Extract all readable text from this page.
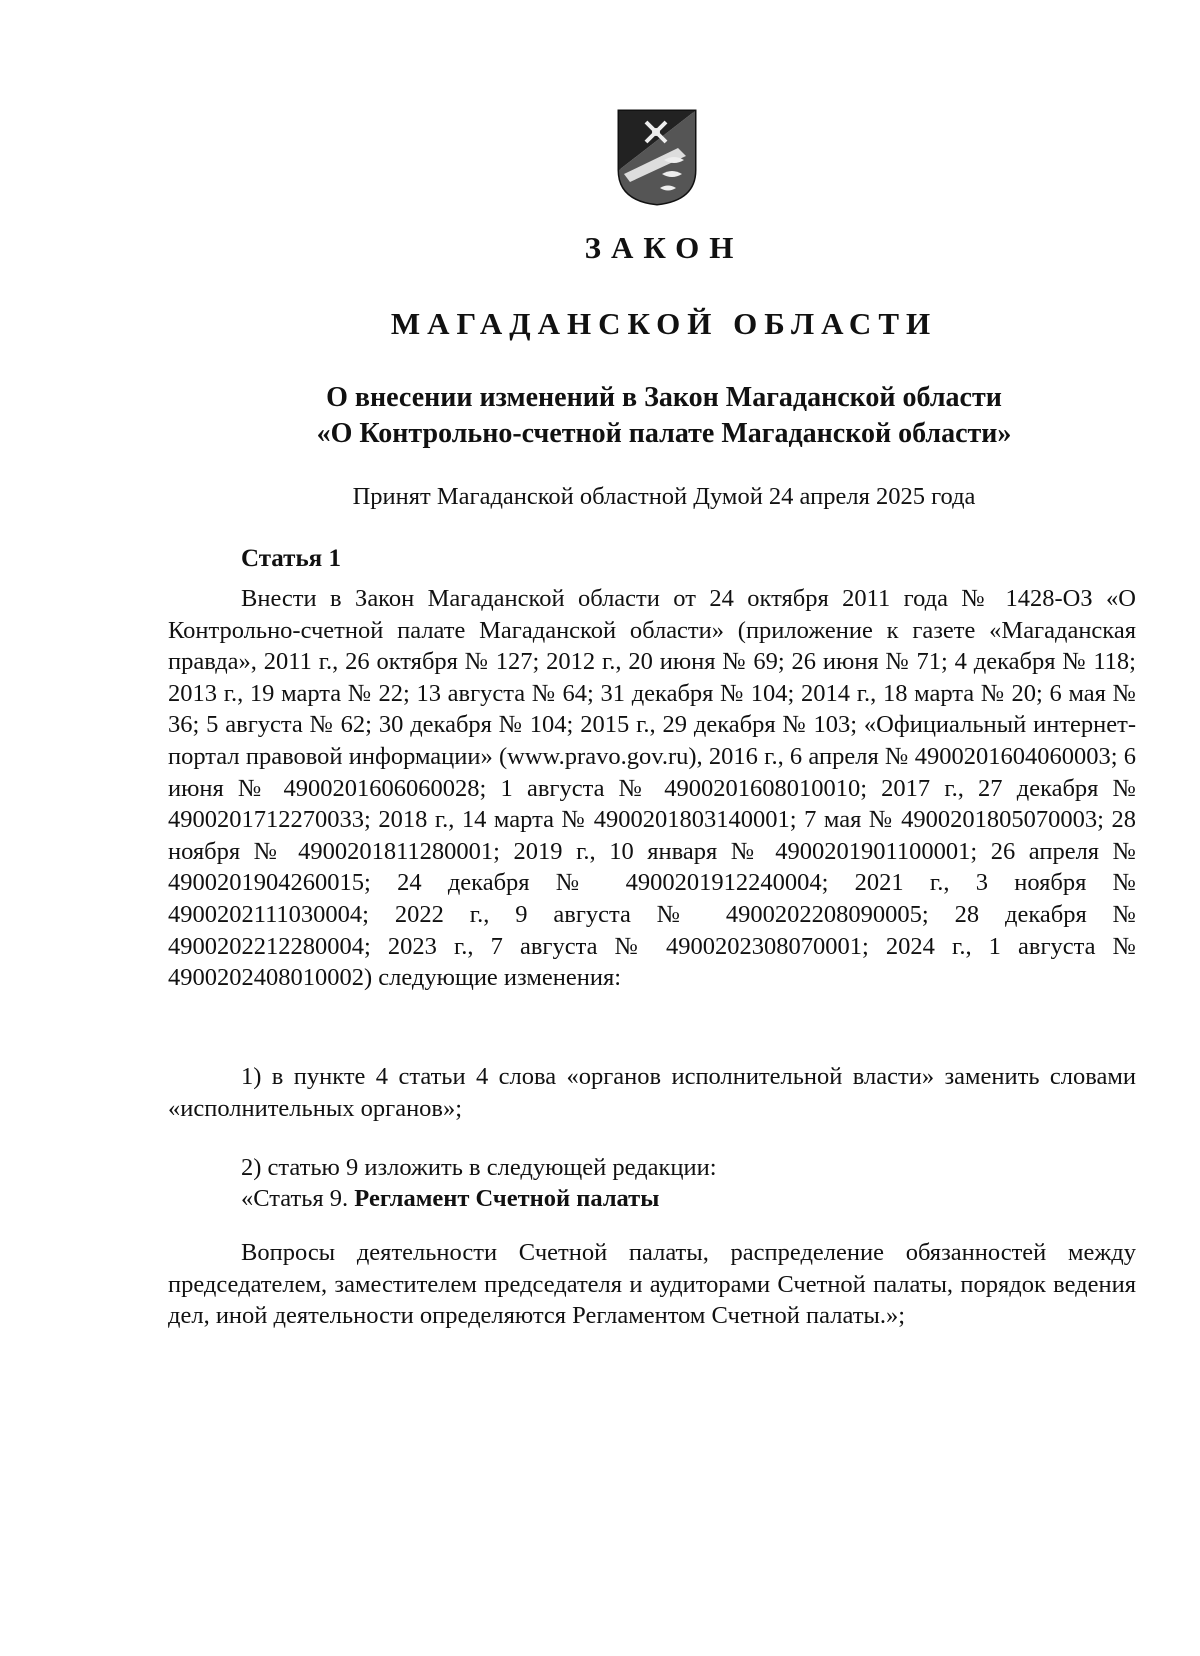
ЗАКОН
МАГАДАНСКОЙ ОБЛАСТИ
О внесении изменений в Закон Магаданской области
«О Контрольно-счетной палате Магаданской области»
Принят Магаданской областной Думой 24 апреля 2025 года
Статья 1

Внести в Закон Магаданской области от 24 октября 2011 года № 1428-ОЗ «О Контрольно-счетной палате Магаданской области» (приложение к газете «Магаданская правда», 2011 г., 26 октября № 127; 2012 г., 20 июня № 69; 26 июня № 71; 4 декабря № 118; 2013 г., 19 марта № 22; 13 августа № 64; 31 декабря № 104; 2014 г., 18 марта № 20; 6 мая № 36; 5 августа № 62; 30 декабря № 104; 2015 г., 29 декабря № 103; «Официальный интернет-портал правовой информации» (www.pravo.gov.ru), 2016 г., 6 апреля № 4900201604060003; 6 июня № 4900201606060028; 1 августа № 4900201608010010; 2017 г., 27 декабря № 4900201712270033; 2018 г., 14 марта № 4900201803140001; 7 мая № 4900201805070003; 28 ноября № 4900201811280001; 2019 г., 10 января № 4900201901100001; 26 апреля № 4900201904260015; 24 декабря № 4900201912240004; 2021 г., 3 ноября № 4900202111030004; 2022 г., 9 августа № 4900202208090005; 28 декабря № 4900202212280004; 2023 г., 7 августа № 4900202308070001; 2024 г., 1 августа № 4900202408010002) следующие изменения:

1) в пункте 4 статьи 4 слова «органов исполнительной власти» заменить словами «исполнительных органов»;

2) статью 9 изложить в следующей редакции:
«Статья 9. Регламент Счетной палаты

Вопросы деятельности Счетной палаты, распределение обязанностей между председателем, заместителем председателя и аудиторами Счетной палаты, порядок ведения дел, иной деятельности определяются Регламентом Счетной палаты.»;
